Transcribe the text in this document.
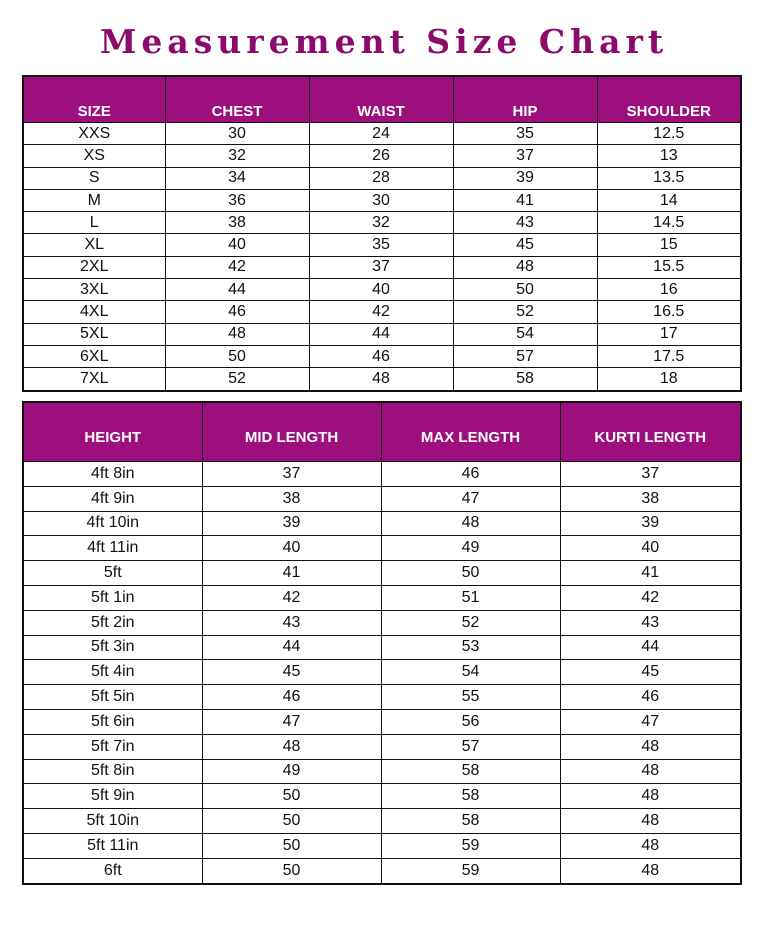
Measurement Size Chart
SIZE	CHEST	WAIST	HIP	SHOULDER
XXS	30	24	35	12.5
XS	32	26	37	13
S	34	28	39	13.5
M	36	30	41	14
L	38	32	43	14.5
XL	40	35	45	15
2XL	42	37	48	15.5
3XL	44	40	50	16
4XL	46	42	52	16.5
5XL	48	44	54	17
6XL	50	46	57	17.5
7XL	52	48	58	18
HEIGHT	MID LENGTH	MAX LENGTH	KURTI LENGTH
4ft 8in	37	46	37
4ft 9in	38	47	38
4ft 10in	39	48	39
4ft 11in	40	49	40
5ft	41	50	41
5ft 1in	42	51	42
5ft 2in	43	52	43
5ft 3in	44	53	44
5ft 4in	45	54	45
5ft 5in	46	55	46
5ft 6in	47	56	47
5ft 7in	48	57	48
5ft 8in	49	58	48
5ft 9in	50	58	48
5ft 10in	50	58	48
5ft 11in	50	59	48
6ft	50	59	48
